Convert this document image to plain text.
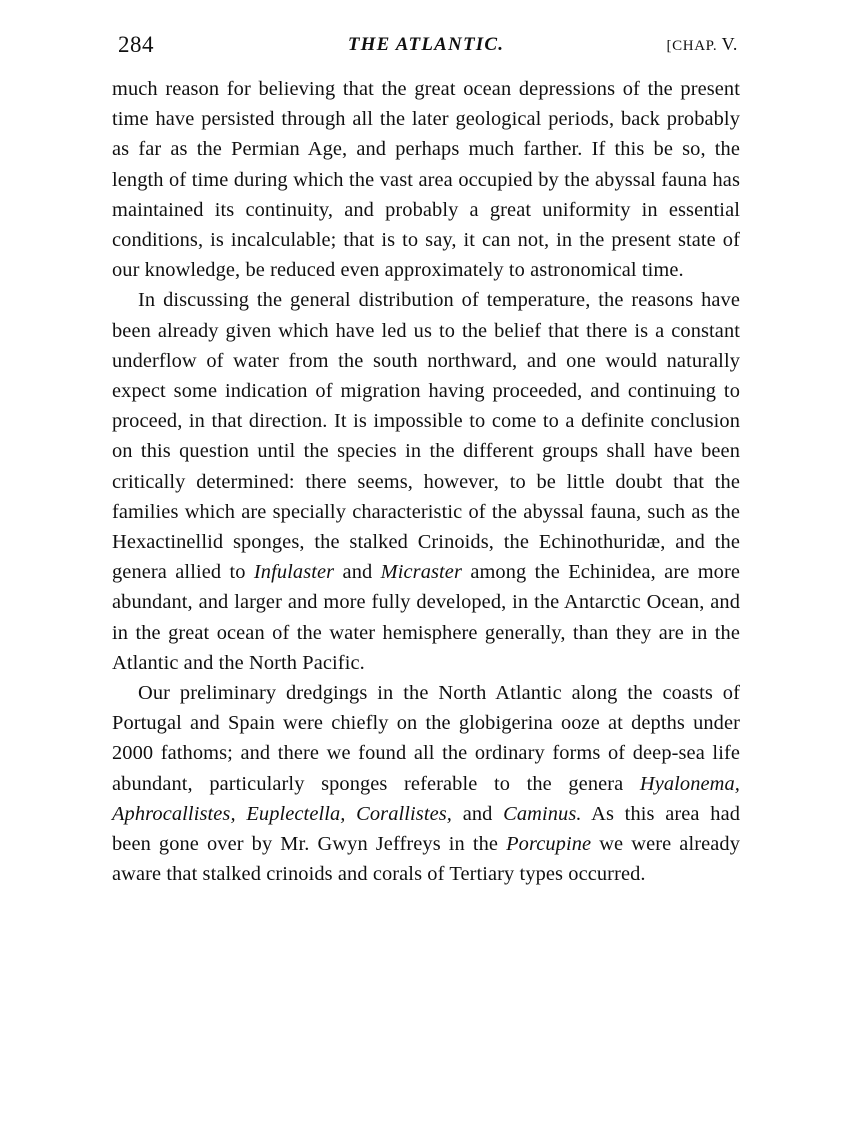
284	THE ATLANTIC.	[CHAP. V.

much reason for believing that the great ocean depressions of the present time have persisted through all the later geological periods, back probably as far as the Permian Age, and perhaps much farther. If this be so, the length of time during which the vast area occupied by the abyssal fauna has maintained its continuity, and probably a great uniformity in essential conditions, is incalculable; that is to say, it can not, in the present state of our knowledge, be reduced even approximately to astronomical time.

In discussing the general distribution of temperature, the reasons have been already given which have led us to the belief that there is a constant underflow of water from the south northward, and one would naturally expect some indication of migration having proceeded, and continuing to proceed, in that direction. It is impossible to come to a definite conclusion on this question until the species in the different groups shall have been critically determined: there seems, however, to be little doubt that the families which are specially characteristic of the abyssal fauna, such as the Hexactinellid sponges, the stalked Crinoids, the Echinothuridæ, and the genera allied to Infulaster and Micraster among the Echinidea, are more abundant, and larger and more fully developed, in the Antarctic Ocean, and in the great ocean of the water hemisphere generally, than they are in the Atlantic and the North Pacific.

Our preliminary dredgings in the North Atlantic along the coasts of Portugal and Spain were chiefly on the globigerina ooze at depths under 2000 fathoms; and there we found all the ordinary forms of deep-sea life abundant, particularly sponges referable to the genera Hyalonema, Aphrocallistes, Euplectella, Corallistes, and Caminus. As this area had been gone over by Mr. Gwyn Jeffreys in the Porcupine we were already aware that stalked crinoids and corals of Tertiary types occurred.
